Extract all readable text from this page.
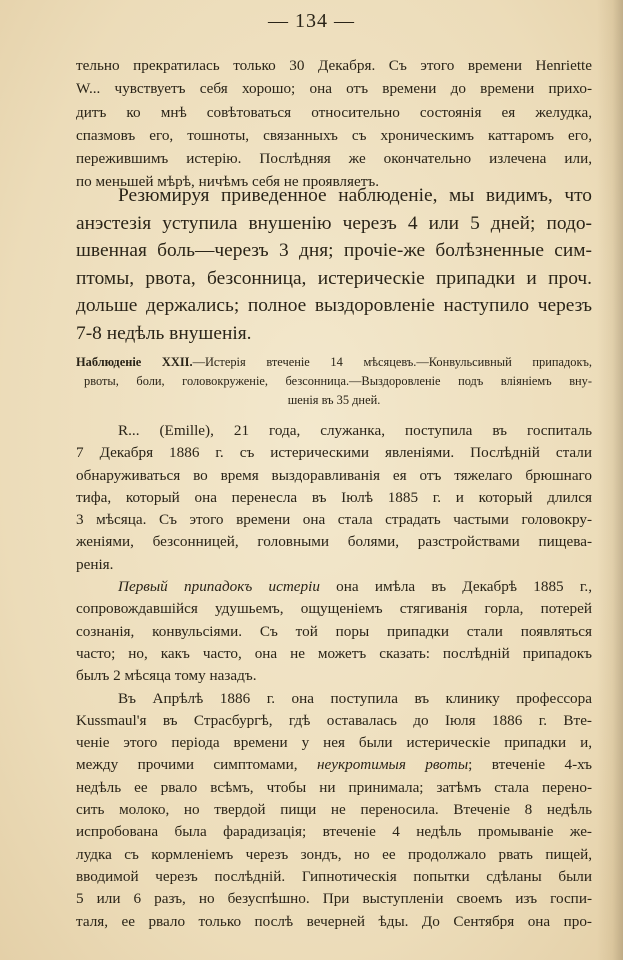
— 134 —

тельно прекратилась только 30 Декабря. Съ этого времени Henriette
W... чувствуетъ себя хорошо; она отъ времени до времени прихо-
дитъ ко мнѣ совѣтоваться относительно состоянія ея желудка,
спазмовъ его, тошноты, связанныхъ съ хроническимъ каттаромъ его,
пережившимъ истерію. Послѣдняя же окончательно излечена или,
по меньшей мѣрѣ, ничѣмъ себя не проявляетъ.

Резюмируя приведенное наблюденіе, мы видимъ, что
анэстезія уступила внушенію черезъ 4 или 5 дней; подо-
швенная боль—черезъ 3 дня; прочіе-же болѣзненные сим-
птомы, рвота, безсонница, истерическіе припадки и проч.
дольше держались; полное выздоровленіе наступило черезъ
7-8 недѣль внушенія.

Наблюденіе XXII.—Истерія втеченіе 14 мѣсяцевъ.—Конвульсивный припадокъ,
рвоты, боли, головокруженіе, безсонница.—Выздоровленіе подъ вліяніемъ вну-
шенія въ 35 дней.

R... (Emille), 21 года, служанка, поступила въ госпиталь
7 Декабря 1886 г. съ истерическими явленіями. Послѣдній стали
обнаруживаться во время выздоравливанія ея отъ тяжелаго брюшнаго
тифа, который она перенесла въ Іюлѣ 1885 г. и который длился
3 мѣсяца. Съ этого времени она стала страдать частыми головокру-
женіями, безсонницей, головными болями, разстройствами пищева-
ренія.

Первый припадокъ истеріи она имѣла въ Декабрѣ 1885 г.,
сопровождавшійся удушьемъ, ощущеніемъ стягиванія горла, потерей
сознанія, конвульсіями. Съ той поры припадки стали появляться
часто; но, какъ часто, она не можетъ сказать: послѣдній припадокъ
былъ 2 мѣсяца тому назадъ.

Въ Апрѣлѣ 1886 г. она поступила въ клинику профессора
Kussmaul'я въ Страсбургѣ, гдѣ оставалась до Іюля 1886 г. Вте-
ченіе этого періода времени у нея были истерическіе припадки и,
между прочими симптомами, неукротимыя рвоты; втеченіе 4-хъ
недѣль ее рвало всѣмъ, чтобы ни принимала; затѣмъ стала перено-
сить молоко, но твердой пищи не переносила. Втеченіе 8 недѣль
испробована была фарадизація; втеченіе 4 недѣль промываніе же-
лудка съ кормленіемъ черезъ зондъ, но ее продолжало рвать пищей,
вводимой черезъ послѣдній. Гипнотическія попытки сдѣланы были
5 или 6 разъ, но безуспѣшно. При выступленіи своемъ изъ госпи-
таля, ее рвало только послѣ вечерней ѣды. До Сентября она про-
